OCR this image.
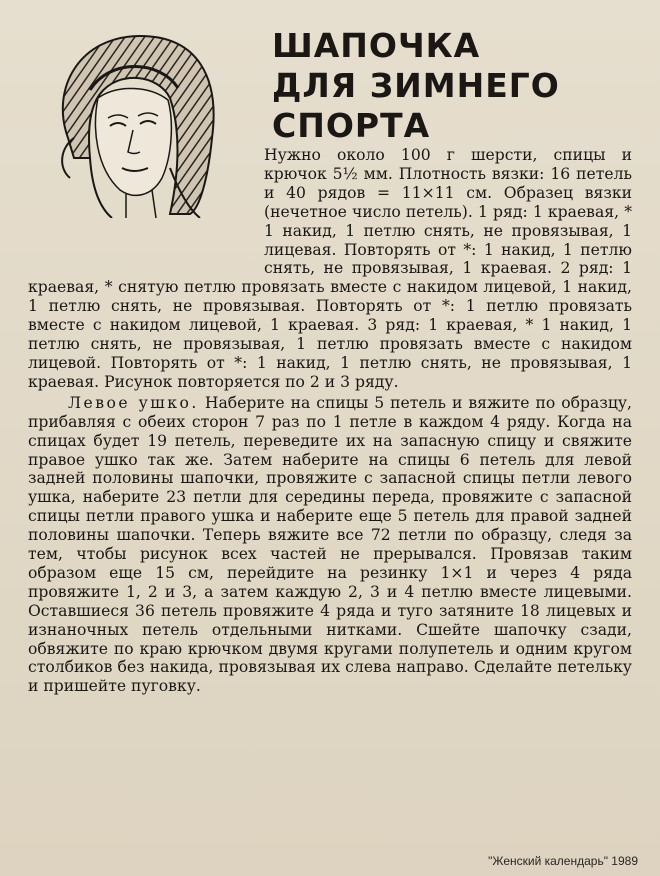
ШАПОЧКА
ДЛЯ ЗИМНЕГО
СПОРТА
Нужно около 100 г шерсти, спицы и крючок 5½ мм. Плотность вязки: 16 петель и 40 рядов = 11×11 см. Образец вязки (нечетное число петель). 1 ряд: 1 краевая, * 1 накид, 1 петлю снять, не провязывая, 1 лицевая. Повторять от *: 1 накид, 1 петлю снять, не провязывая, 1 краевая. 2 ряд: 1 краевая, * снятую петлю провязать вместе с накидом лицевой, 1 накид, 1 петлю снять, не провязывая. Повторять от *: 1 петлю провязать вместе с накидом лицевой, 1 краевая. 3 ряд: 1 краевая, * 1 накид, 1 петлю снять, не провязывая, 1 петлю провязать вместе с накидом лицевой. Повторять от *: 1 накид, 1 петлю снять, не провязывая, 1 краевая. Рисунок повторяется по 2 и 3 ряду.
Левое ушко. Наберите на спицы 5 петель и вяжите по образцу, прибавляя с обеих сторон 7 раз по 1 петле в каждом 4 ряду. Когда на спицах будет 19 петель, переведите их на запасную спицу и свяжите правое ушко так же. Затем наберите на спицы 6 петель для левой задней половины шапочки, провяжите с запасной спицы петли левого ушка, наберите 23 петли для середины переда, провяжите с запасной спицы петли правого ушка и наберите еще 5 петель для правой задней половины шапочки. Теперь вяжите все 72 петли по образцу, следя за тем, чтобы рисунок всех частей не прерывался. Провязав таким образом еще 15 см, перейдите на резинку 1×1 и через 4 ряда провяжите 1, 2 и 3, а затем каждую 2, 3 и 4 петлю вместе лицевыми. Оставшиеся 36 петель провяжите 4 ряда и туго затяните 18 лицевых и изнаночных петель отдельными нитками. Сшейте шапочку сзади, обвяжите по краю крючком двумя кругами полупетель и одним кругом столбиков без накида, провязывая их слева направо. Сделайте петельку и пришейте пуговку.
"Женский календарь" 1989
